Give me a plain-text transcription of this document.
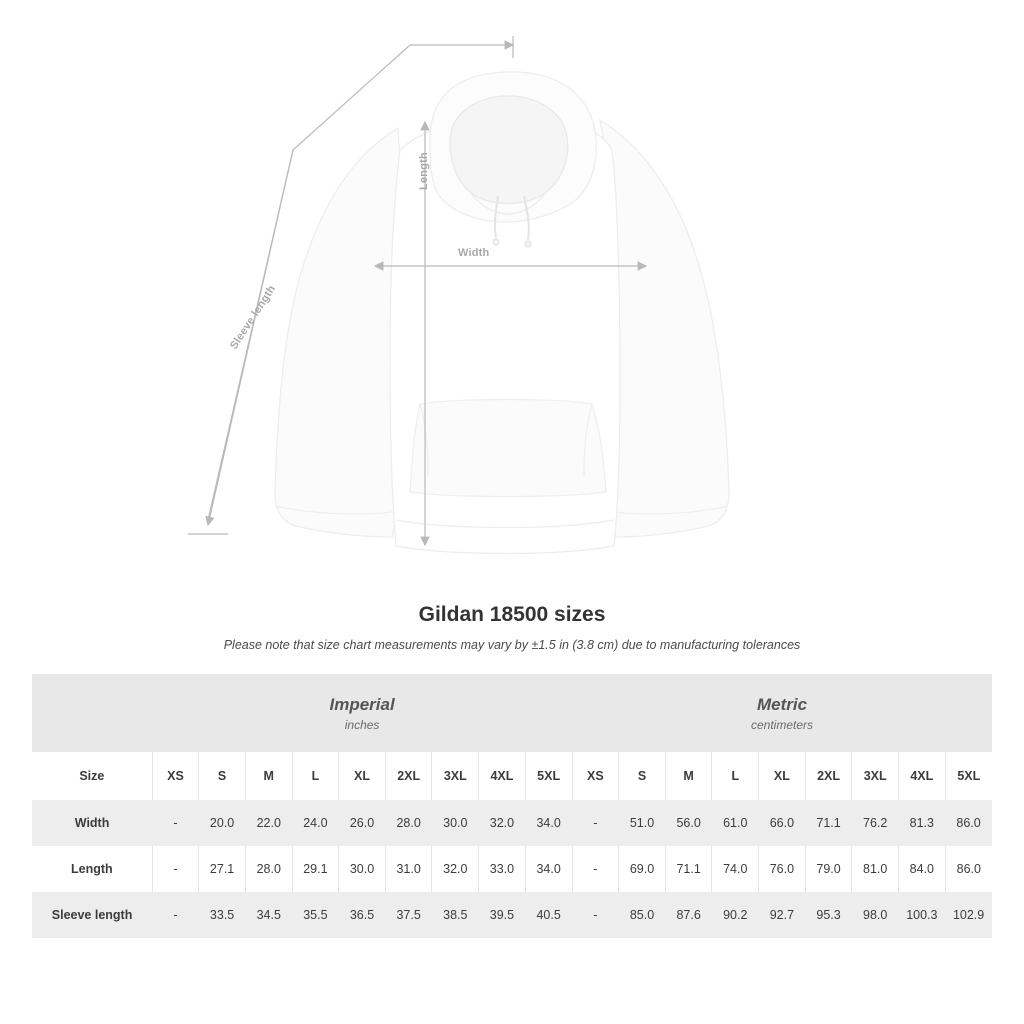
Width
Length
Sleeve length
Gildan 18500 sizes
Please note that size chart measurements may vary by ±1.5 in (3.8 cm) due to manufacturing tolerances

	Imperial
inches									Metric
centimeters								

Size	XS	S	M	L	XL	2XL	3XL	4XL	5XL	XS	S	M	L	XL	2XL	3XL	4XL	5XL
Width	-	20.0	22.0	24.0	26.0	28.0	30.0	32.0	34.0	-	51.0	56.0	61.0	66.0	71.1	76.2	81.3	86.0
Length	-	27.1	28.0	29.1	30.0	31.0	32.0	33.0	34.0	-	69.0	71.1	74.0	76.0	79.0	81.0	84.0	86.0
Sleeve length	-	33.5	34.5	35.5	36.5	37.5	38.5	39.5	40.5	-	85.0	87.6	90.2	92.7	95.3	98.0	100.3	102.9
